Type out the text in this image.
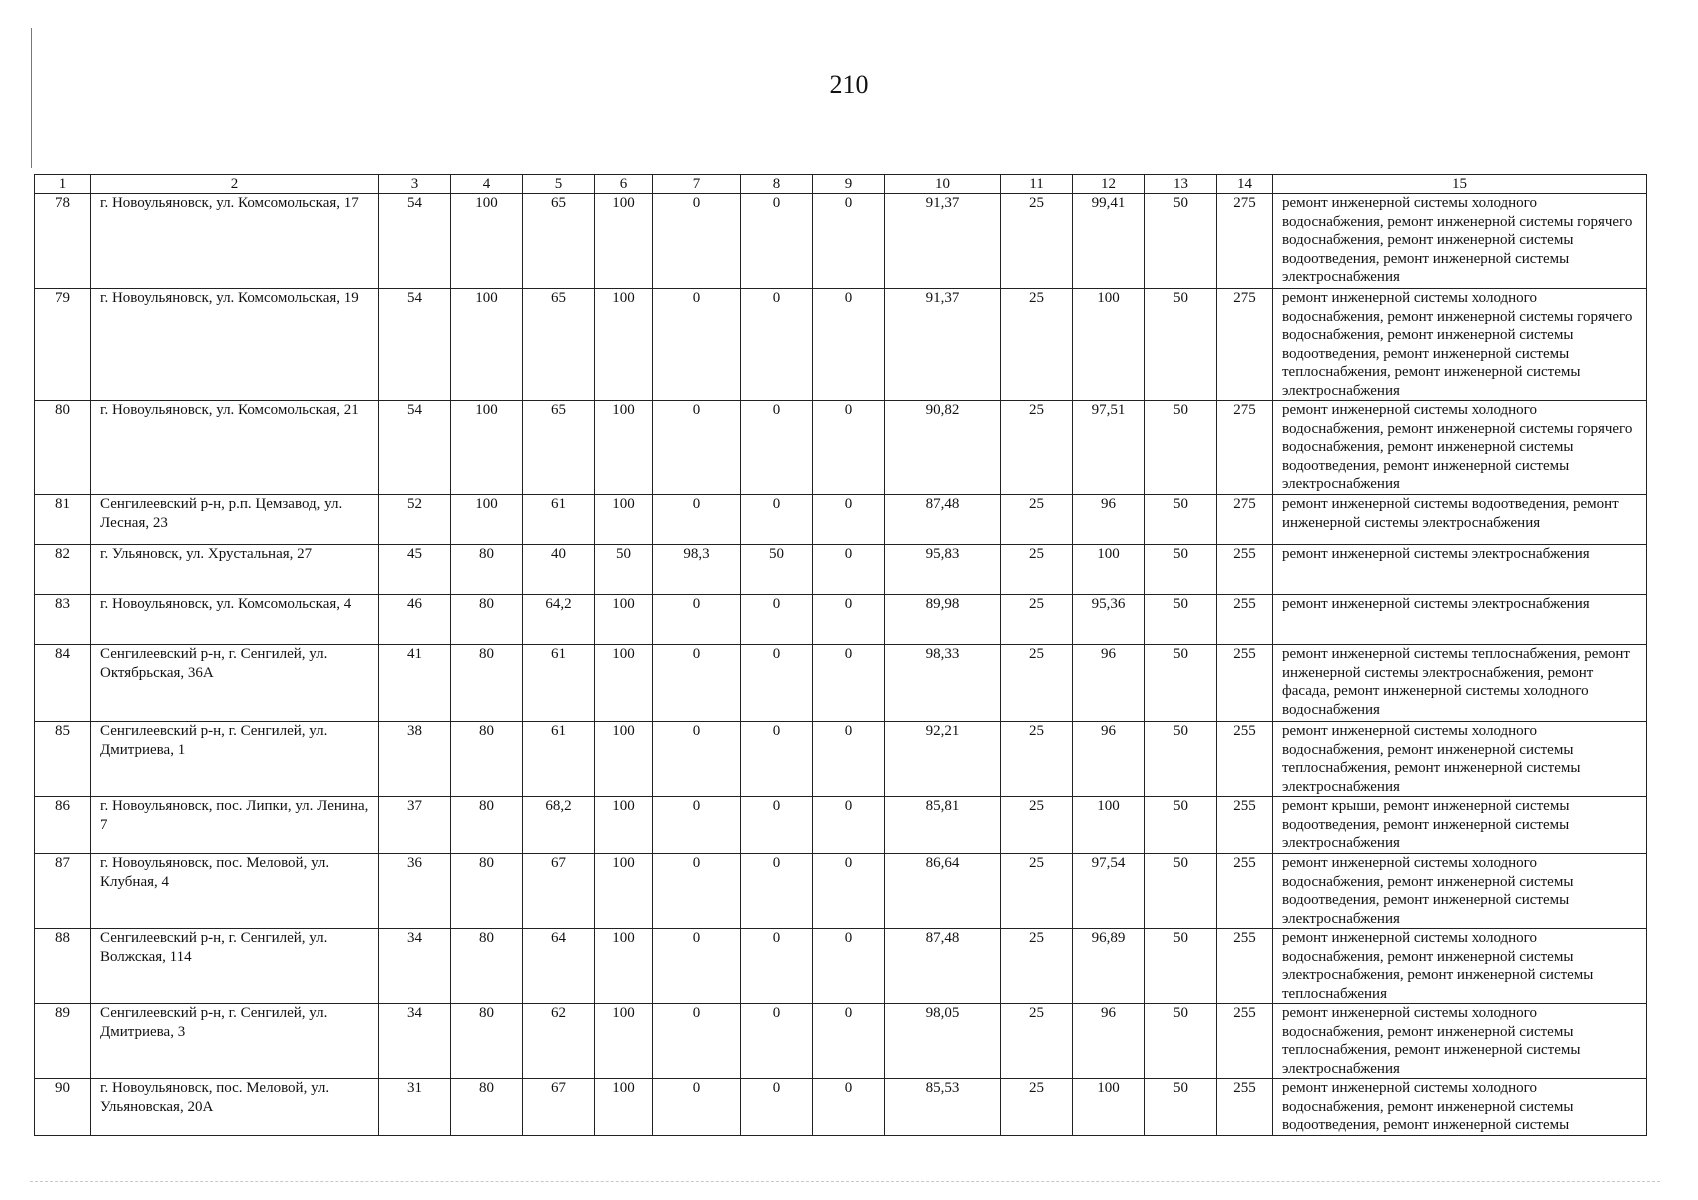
210
1	2	3	4	5	6	7	8	9	10	11	12	13	14	15
78	г. Новоульяновск, ул. Комсомольская, 17	54	100	65	100	0	0	0	91,37	25	99,41	50	275	ремонт инженерной системы холодного водоснабжения, ремонт инженерной системы горячего водоснабжения, ремонт инженерной системы водоотведения, ремонт инженерной системы электроснабжения
79	г. Новоульяновск, ул. Комсомольская, 19	54	100	65	100	0	0	0	91,37	25	100	50	275	ремонт инженерной системы холодного водоснабжения, ремонт инженерной системы горячего водоснабжения, ремонт инженерной системы водоотведения, ремонт инженерной системы теплоснабжения, ремонт инженерной системы электроснабжения
80	г. Новоульяновск, ул. Комсомольская, 21	54	100	65	100	0	0	0	90,82	25	97,51	50	275	ремонт инженерной системы холодного водоснабжения, ремонт инженерной системы горячего водоснабжения, ремонт инженерной системы водоотведения, ремонт инженерной системы электроснабжения
81	Сенгилеевский р-н, р.п. Цемзавод, ул. Лесная, 23	52	100	61	100	0	0	0	87,48	25	96	50	275	ремонт инженерной системы водоотведения, ремонт инженерной системы электроснабжения
82	г. Ульяновск, ул. Хрустальная, 27	45	80	40	50	98,3	50	0	95,83	25	100	50	255	ремонт инженерной системы электроснабжения
83	г. Новоульяновск, ул. Комсомольская, 4	46	80	64,2	100	0	0	0	89,98	25	95,36	50	255	ремонт инженерной системы электроснабжения
84	Сенгилеевский р-н, г. Сенгилей, ул. Октябрьская, 36А	41	80	61	100	0	0	0	98,33	25	96	50	255	ремонт инженерной системы теплоснабжения, ремонт инженерной системы электроснабжения, ремонт фасада, ремонт инженерной системы холодного водоснабжения
85	Сенгилеевский р-н, г. Сенгилей, ул. Дмитриева, 1	38	80	61	100	0	0	0	92,21	25	96	50	255	ремонт инженерной системы холодного водоснабжения, ремонт инженерной системы теплоснабжения, ремонт инженерной системы электроснабжения
86	г. Новоульяновск, пос. Липки, ул. Ленина, 7	37	80	68,2	100	0	0	0	85,81	25	100	50	255	ремонт крыши, ремонт инженерной системы водоотведения, ремонт инженерной системы электроснабжения
87	г. Новоульяновск, пос. Меловой, ул. Клубная, 4	36	80	67	100	0	0	0	86,64	25	97,54	50	255	ремонт инженерной системы холодного водоснабжения, ремонт инженерной системы водоотведения, ремонт инженерной системы электроснабжения
88	Сенгилеевский р-н, г. Сенгилей, ул. Волжская, 114	34	80	64	100	0	0	0	87,48	25	96,89	50	255	ремонт инженерной системы холодного водоснабжения, ремонт инженерной системы электроснабжения, ремонт инженерной системы теплоснабжения
89	Сенгилеевский р-н, г. Сенгилей, ул. Дмитриева, 3	34	80	62	100	0	0	0	98,05	25	96	50	255	ремонт инженерной системы холодного водоснабжения, ремонт инженерной системы теплоснабжения, ремонт инженерной системы электроснабжения
90	г. Новоульяновск, пос. Меловой, ул. Ульяновская, 20А	31	80	67	100	0	0	0	85,53	25	100	50	255	ремонт инженерной системы холодного водоснабжения, ремонт инженерной системы водоотведения, ремонт инженерной системы
